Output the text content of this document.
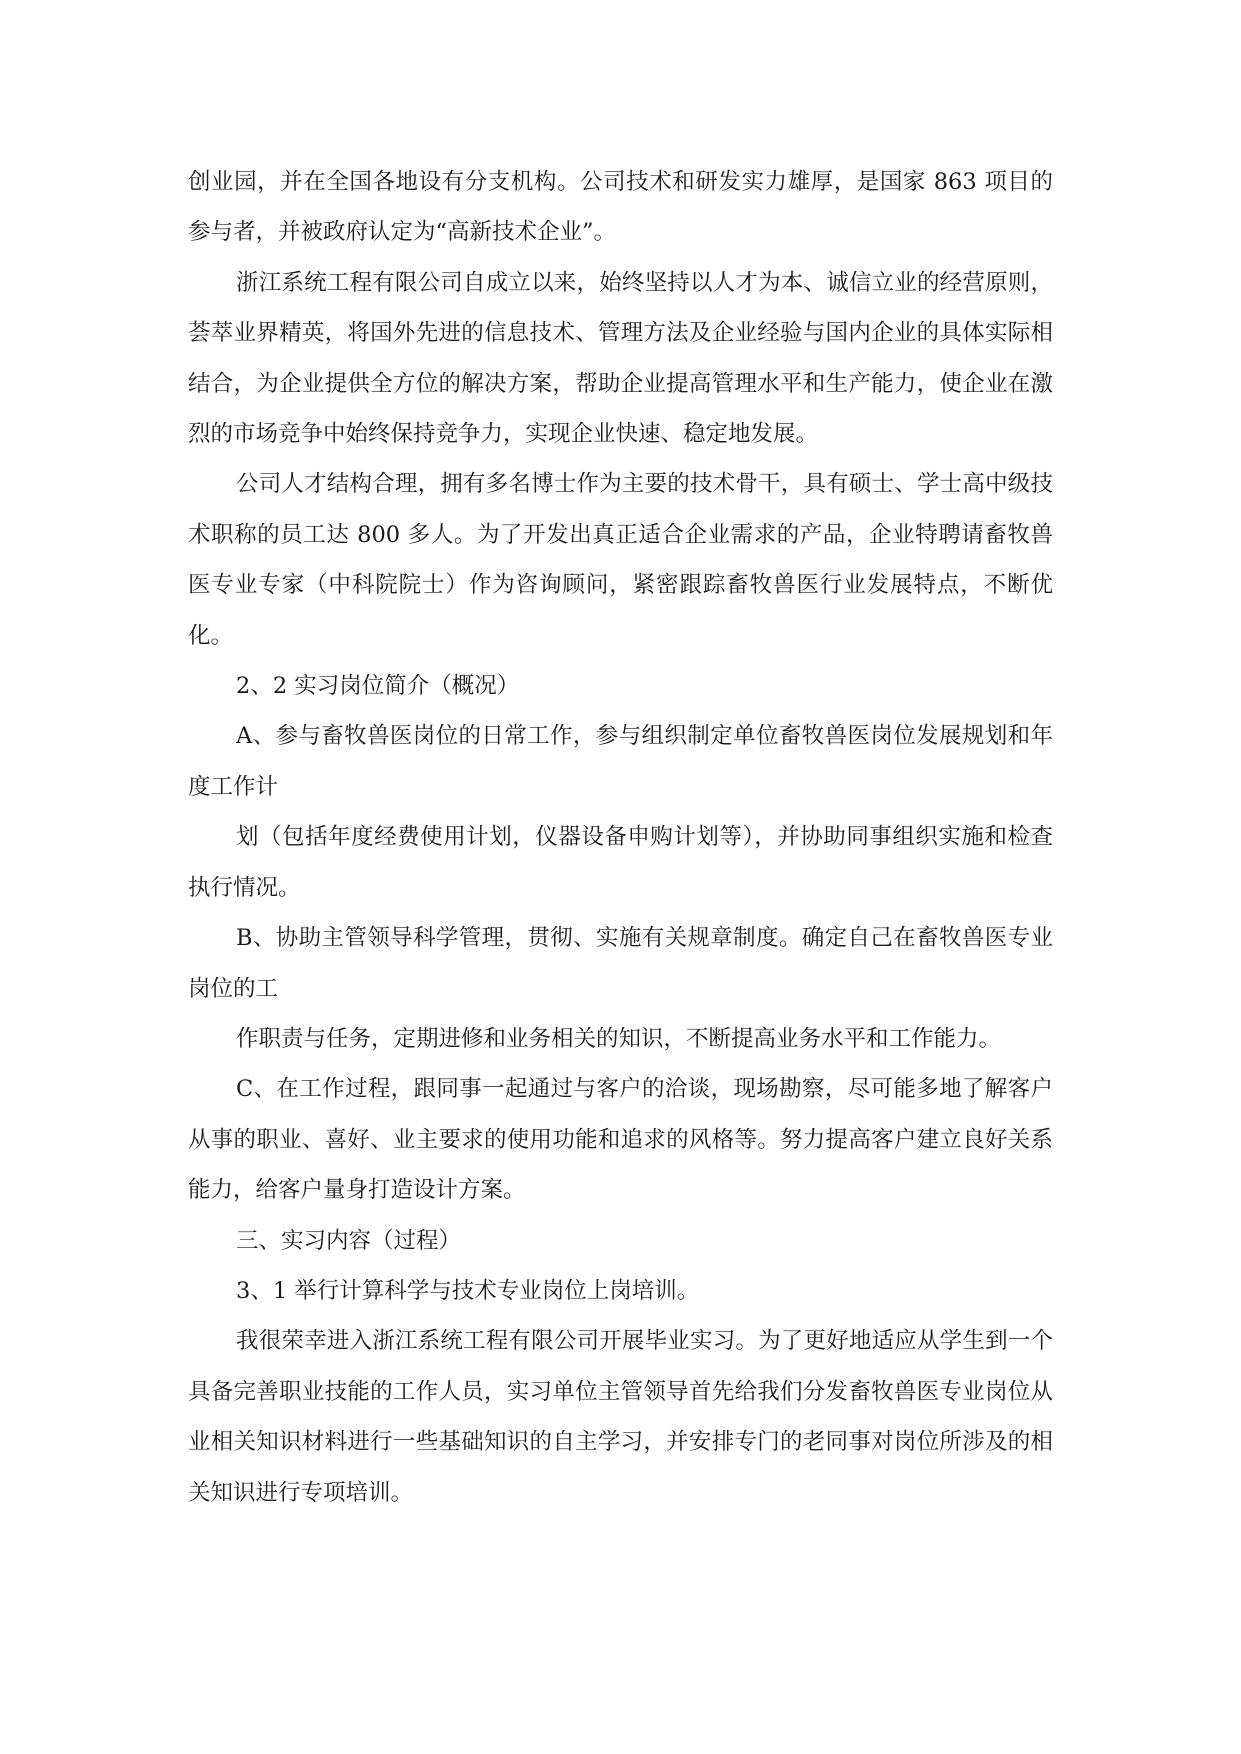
创业园，并在全国各地设有分支机构。公司技术和研发实力雄厚，是国家 863 项目的参与者，并被政府认定为“高新技术企业”。

浙江系统工程有限公司自成立以来，始终坚持以人才为本、诚信立业的经营原则，荟萃业界精英，将国外先进的信息技术、管理方法及企业经验与国内企业的具体实际相结合，为企业提供全方位的解决方案，帮助企业提高管理水平和生产能力，使企业在激烈的市场竞争中始终保持竞争力，实现企业快速、稳定地发展。

公司人才结构合理，拥有多名博士作为主要的技术骨干，具有硕士、学士高中级技术职称的员工达 800 多人。为了开发出真正适合企业需求的产品，企业特聘请畜牧兽医专业专家（中科院院士）作为咨询顾问，紧密跟踪畜牧兽医行业发展特点，不断优化。

2、2 实习岗位简介（概况）

A、参与畜牧兽医岗位的日常工作，参与组织制定单位畜牧兽医岗位发展规划和年度工作计

划（包括年度经费使用计划，仪器设备申购计划等），并协助同事组织实施和检查执行情况。

B、协助主管领导科学管理，贯彻、实施有关规章制度。确定自己在畜牧兽医专业岗位的工

作职责与任务，定期进修和业务相关的知识，不断提高业务水平和工作能力。

C、在工作过程，跟同事一起通过与客户的洽谈，现场勘察，尽可能多地了解客户从事的职业、喜好、业主要求的使用功能和追求的风格等。努力提高客户建立良好关系能力，给客户量身打造设计方案。

三、实习内容（过程）

3、1 举行计算科学与技术专业岗位上岗培训。

我很荣幸进入浙江系统工程有限公司开展毕业实习。为了更好地适应从学生到一个具备完善职业技能的工作人员，实习单位主管领导首先给我们分发畜牧兽医专业岗位从业相关知识材料进行一些基础知识的自主学习，并安排专门的老同事对岗位所涉及的相关知识进行专项培训。
